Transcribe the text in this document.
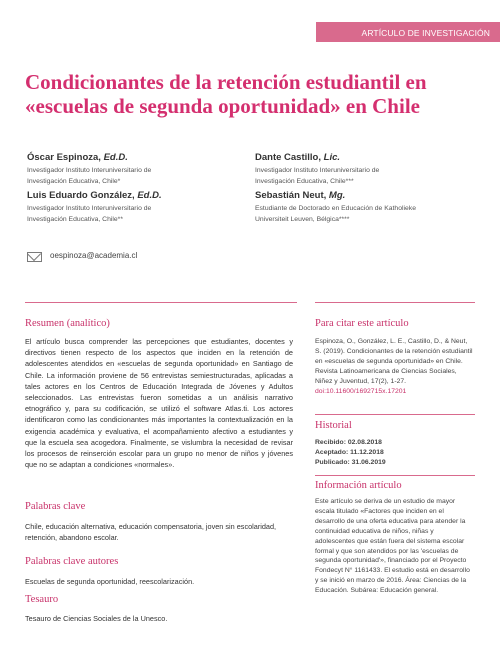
ARTÍCULO DE INVESTIGACIÓN
Condicionantes de la retención estudiantil en
«escuelas de segunda oportunidad» en Chile
Óscar Espinoza, Ed.D.
Investigador Instituto Interuniversitario de
Investigación Educativa, Chile*
Luis Eduardo González, Ed.D.
Investigador Instituto Interuniversitario de
Investigación Educativa, Chile**
Dante Castillo, Lic.
Investigador Instituto Interuniversitario de
Investigación Educativa, Chile***
Sebastián Neut, Mg.
Estudiante de Doctorado en Educación de Katholieke
Universiteit Leuven, Bélgica****
oespinoza@academia.cl
Resumen (analítico)
El artículo busca comprender las percepciones que estudiantes, docentes y directivos tienen respecto de los aspectos que inciden en la retención de adolescentes atendidos en «escuelas de segunda oportunidad» en Santiago de Chile. La información proviene de 56 entrevistas semiestructuradas, aplicadas a tales actores en los Centros de Educación Integrada de Jóvenes y Adultos seleccionados. Las entrevistas fueron sometidas a un análisis narrativo etnográfico y, para su codificación, se utilizó el software Atlas.ti. Los actores identificaron como las condicionantes más importantes la contextualización en la exigencia académica y evaluativa, el acompañamiento afectivo a estudiantes y que la escuela sea acogedora. Finalmente, se vislumbra la necesidad de revisar los procesos de reinserción escolar para un grupo no menor de niños y jóvenes que no se adaptan a condiciones «normales».
Palabras clave
Chile, educación alternativa, educación compensatoria, joven sin escolaridad, retención, abandono escolar.
Palabras clave autores
Escuelas de segunda oportunidad, reescolarización.
Tesauro
Tesauro de Ciencias Sociales de la Unesco.
Para citar este artículo
Espinoza, O., González, L. E., Castillo, D., & Neut, S. (2019). Condicionantes de la retención estudiantil en «escuelas de segunda oportunidad» en Chile. Revista Latinoamericana de Ciencias Sociales, Niñez y Juventud, 17(2), 1-27.
doi:10.11600/1692715x.17201
Historial
Recibido: 02.08.2018
Aceptado: 11.12.2018
Publicado: 31.06.2019
Información artículo
Este artículo se deriva de un estudio de mayor escala titulado «Factores que inciden en el desarrollo de una oferta educativa para atender la continuidad educativa de niños, niñas y adolescentes que están fuera del sistema escolar formal y que son atendidos por las 'escuelas de segunda oportunidad'», financiado por el Proyecto Fondecyt N° 1161433. El estudio está en desarrollo y se inició en marzo de 2016. Área: Ciencias de la Educación. Subárea: Educación general.
